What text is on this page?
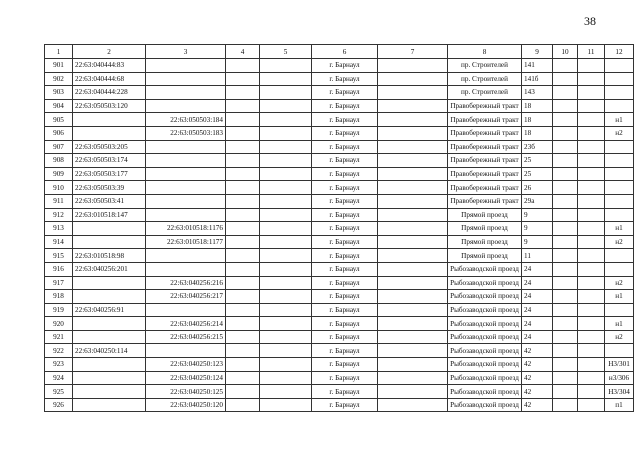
38
1	2	3	4	5	6	7	8	9	10	11	12
901	22:63:040444:83				г. Барнаул		пр. Строителей	141			
902	22:63:040444:68				г. Барнаул		пр. Строителей	141б			
903	22:63:040444:228				г. Барнаул		пр. Строителей	143			
904	22:63:050503:120				г. Барнаул		Правобережный тракт	18			
905		22:63:050503:184			г. Барнаул		Правобережный тракт	18			н1
906		22:63:050503:183			г. Барнаул		Правобережный тракт	18			н2
907	22:63:050503:205				г. Барнаул		Правобережный тракт	23б			
908	22:63:050503:174				г. Барнаул		Правобережный тракт	25			
909	22:63:050503:177				г. Барнаул		Правобережный тракт	25			
910	22:63:050503:39				г. Барнаул		Правобережный тракт	26			
911	22:63:050503:41				г. Барнаул		Правобережный тракт	29а			
912	22:63:010518:147				г. Барнаул		Прямой проезд	9			
913		22:63:010518:1176			г. Барнаул		Прямой проезд	9			н1
914		22:63:010518:1177			г. Барнаул		Прямой проезд	9			н2
915	22:63:010518:98				г. Барнаул		Прямой проезд	11			
916	22:63:040256:201				г. Барнаул		Рыбозаводской проезд	24			
917		22:63:040256:216			г. Барнаул		Рыбозаводской проезд	24			н2
918		22:63:040256:217			г. Барнаул		Рыбозаводской проезд	24			н1
919	22:63:040256:91				г. Барнаул		Рыбозаводской проезд	24			
920		22:63:040256:214			г. Барнаул		Рыбозаводской проезд	24			н1
921		22:63:040256:215			г. Барнаул		Рыбозаводской проезд	24			н2
922	22:63:040250:114				г. Барнаул		Рыбозаводской проезд	42			
923		22:63:040250:123			г. Барнаул		Рыбозаводской проезд	42			Н3/301
924		22:63:040250:124			г. Барнаул		Рыбозаводской проезд	42			н3/306
925		22:63:040250:125			г. Барнаул		Рыбозаводской проезд	42			Н3/304
926		22:63:040250:120			г. Барнаул		Рыбозаводской проезд	42			п1
